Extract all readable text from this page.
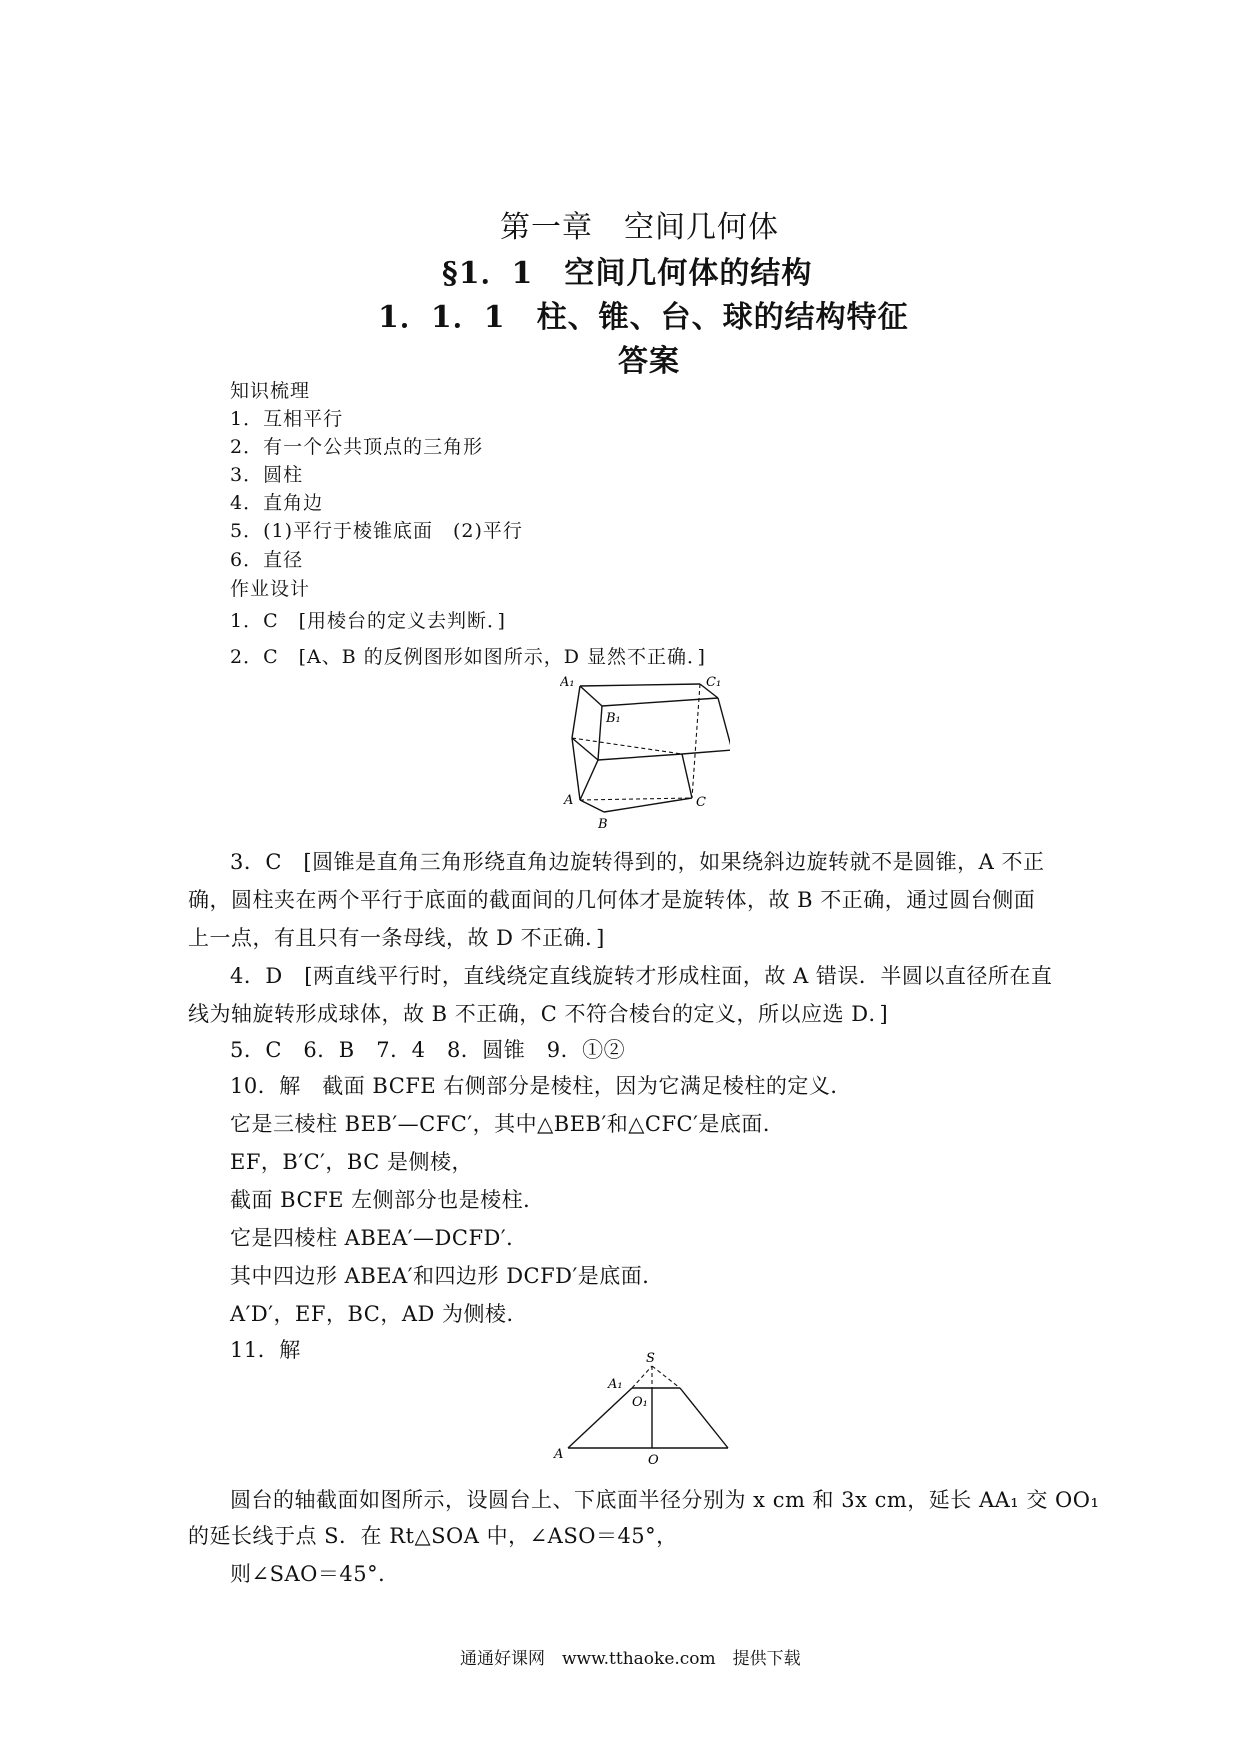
第一章　空间几何体
§1．1　空间几何体的结构
1．1．1　柱、锥、台、球的结构特征
答案
知识梳理
1．互相平行
2．有一个公共顶点的三角形
3．圆柱
4．直角边
5．(1)平行于棱锥底面　(2)平行
6．直径
作业设计
1．C　[用棱台的定义去判断．]
2．C　[A、B 的反例图形如图所示，D 显然不正确．]
A₁	C₁
B₁
A
B
C
3．C　[圆锥是直角三角形绕直角边旋转得到的，如果绕斜边旋转就不是圆锥，A 不正
确，圆柱夹在两个平行于底面的截面间的几何体才是旋转体，故 B 不正确，通过圆台侧面
上一点，有且只有一条母线，故 D 不正确．]
4．D　[两直线平行时，直线绕定直线旋转才形成柱面，故 A 错误．半圆以直径所在直
线为轴旋转形成球体，故 B 不正确，C 不符合棱台的定义，所以应选 D．]
5．C　6．B　7．4　8．圆锥　9．①②
10．解　截面 BCFE 右侧部分是棱柱，因为它满足棱柱的定义．
它是三棱柱 BEB′—CFC′，其中△BEB′和△CFC′是底面．
EF，B′C′，BC 是侧棱，
截面 BCFE 左侧部分也是棱柱．
它是四棱柱 ABEA′—DCFD′．
其中四边形 ABEA′和四边形 DCFD′是底面．
A′D′，EF，BC，AD 为侧棱．
11．解	S
A₁
O₁
A	O
圆台的轴截面如图所示，设圆台上、下底面半径分别为 x cm 和 3x cm，延长 AA₁ 交 OO₁
的延长线于点 S．在 Rt△SOA 中，∠ASO＝45°，
则∠SAO＝45°．
通通好课网　www.tthaoke.com　提供下载
